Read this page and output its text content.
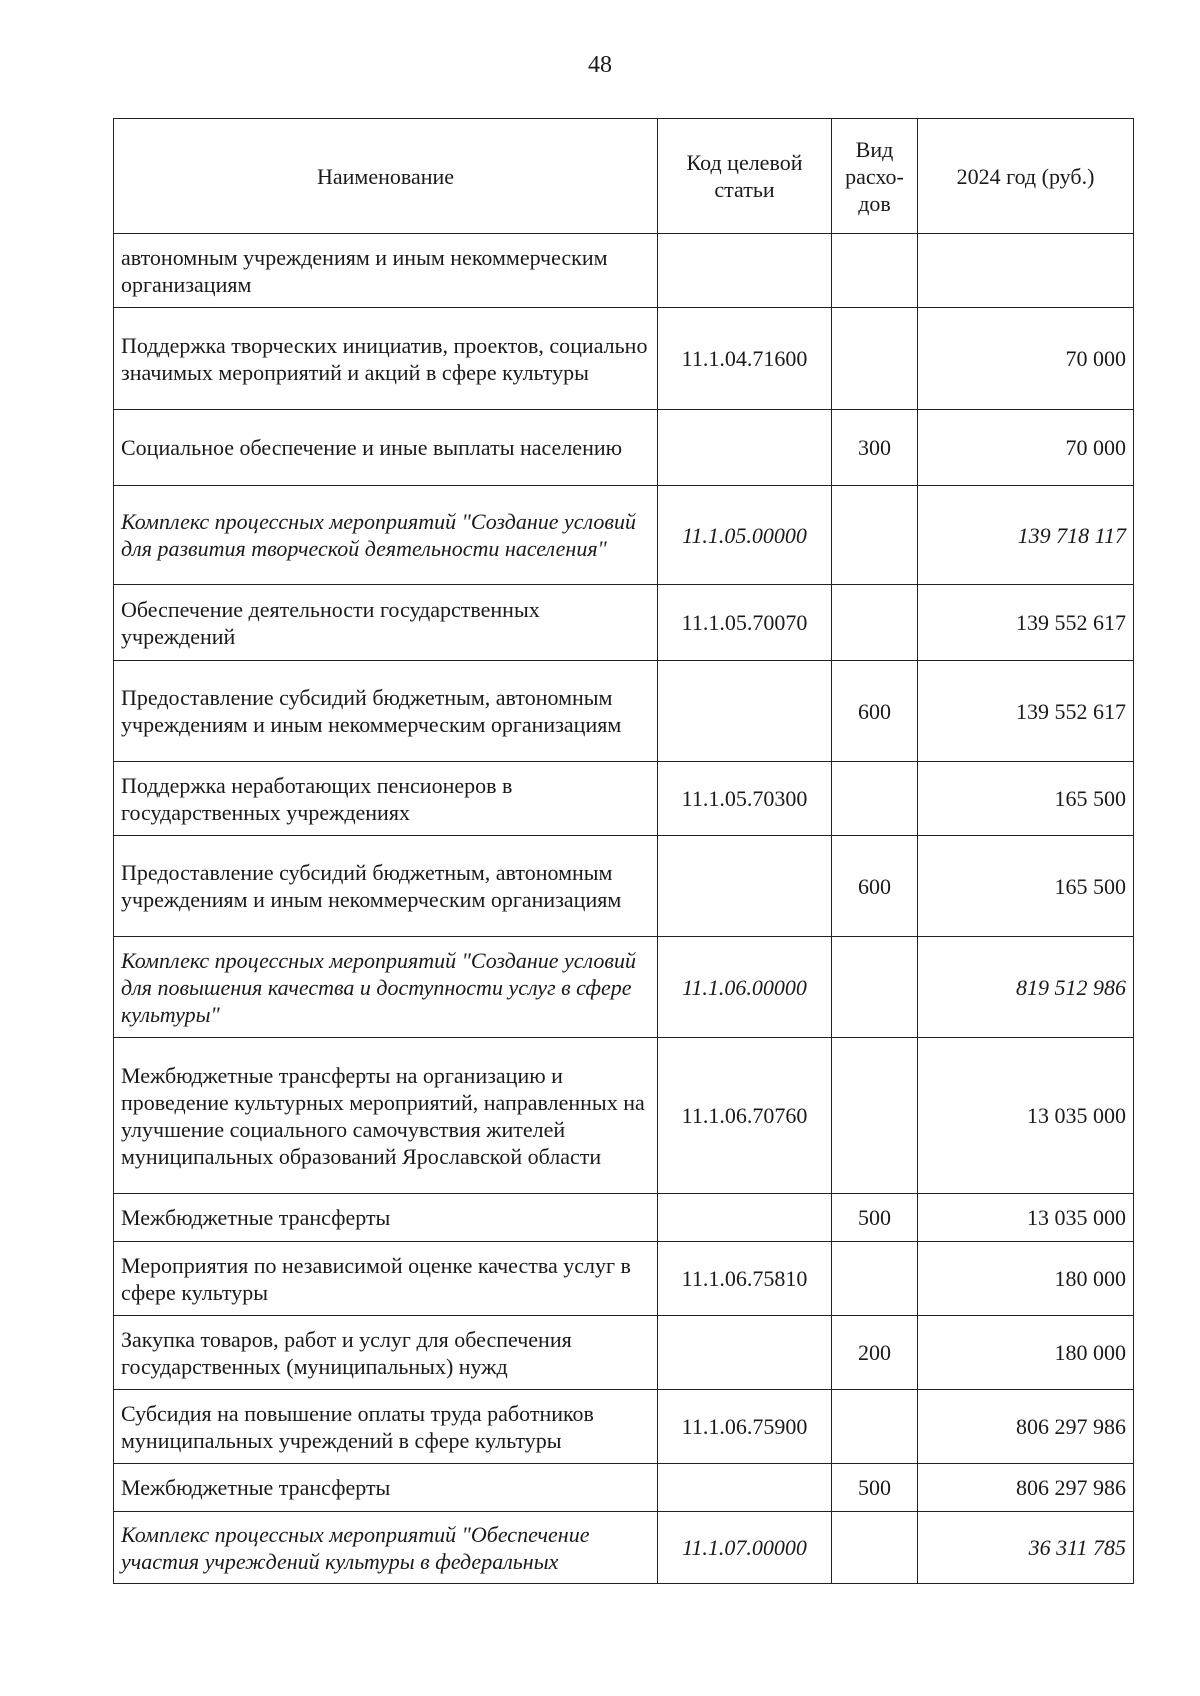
48
Наименование	Код целевой статьи	Вид расхо-дов	2024 год (руб.)
автономным учреждениям и иным некоммерческим организациям			
Поддержка творческих инициатив, проектов, социально значимых мероприятий и акций в сфере культуры	11.1.04.71600		70 000
Социальное обеспечение и иные выплаты населению		300	70 000
Комплекс процессных мероприятий "Создание условий для развития творческой деятельности населения"	11.1.05.00000		139 718 117
Обеспечение деятельности государственных учреждений	11.1.05.70070		139 552 617
Предоставление субсидий бюджетным, автономным учреждениям и иным некоммерческим организациям		600	139 552 617
Поддержка неработающих пенсионеров в государственных учреждениях	11.1.05.70300		165 500
Предоставление субсидий бюджетным, автономным учреждениям и иным некоммерческим организациям		600	165 500
Комплекс процессных мероприятий "Создание условий для повышения качества и доступности услуг в сфере культуры"	11.1.06.00000		819 512 986
Межбюджетные трансферты на организацию и проведение культурных мероприятий, направленных на улучшение социального самочувствия жителей муниципальных образований Ярославской области	11.1.06.70760		13 035 000
Межбюджетные трансферты		500	13 035 000
Мероприятия по независимой оценке качества услуг в сфере культуры	11.1.06.75810		180 000
Закупка товаров, работ и услуг для обеспечения государственных (муниципальных) нужд		200	180 000
Субсидия на повышение оплаты труда работников муниципальных учреждений в сфере культуры	11.1.06.75900		806 297 986
Межбюджетные трансферты		500	806 297 986
Комплекс процессных мероприятий "Обеспечение участия учреждений культуры в федеральных	11.1.07.00000		36 311 785
